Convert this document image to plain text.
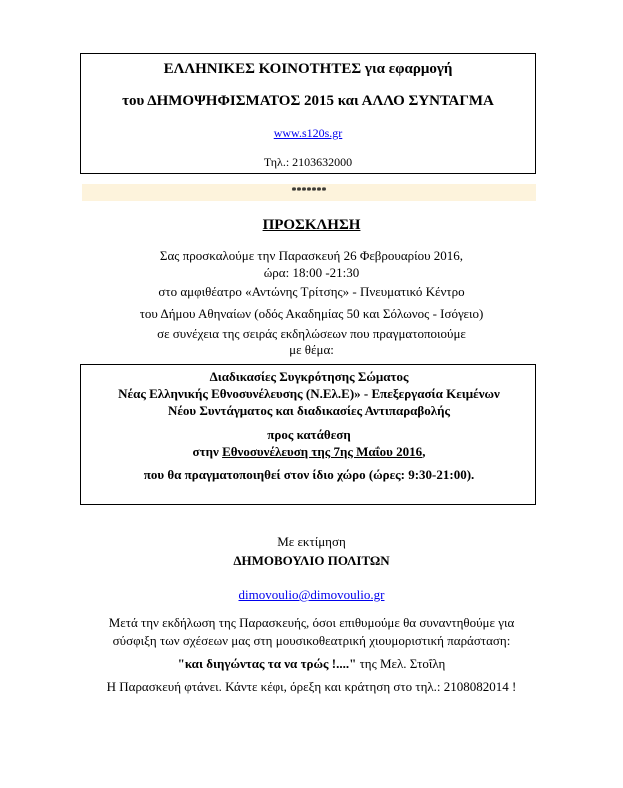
ΕΛΛΗΝΙΚΕΣ ΚΟΙΝΟΤΗΤΕΣ για εφαρμογή
του ΔΗΜΟΨΗΦΙΣΜΑΤΟΣ 2015 και ΑΛΛΟ ΣΥΝΤΑΓΜΑ
www.s120s.gr
Τηλ.: 2103632000
*******
ΠΡΟΣΚΛΗΣΗ
Σας προσκαλούμε την Παρασκευή 26 Φεβρουαρίου 2016,
ώρα: 18:00 -21:30
στο αμφιθέατρο «Αντώνης Τρίτσης» - Πνευματικό Κέντρο
του Δήμου Αθηναίων (οδός Ακαδημίας 50 και Σόλωνος - Ισόγειο)
σε συνέχεια της σειράς εκδηλώσεων που πραγματοποιούμε
με θέμα:
Διαδικασίες Συγκρότησης Σώματος
Νέας Ελληνικής Εθνοσυνέλευσης (Ν.Ελ.Ε)» - Επεξεργασία Κειμένων
Νέου Συντάγματος και διαδικασίες Αντιπαραβολής
προς κατάθεση
στην Εθνοσυνέλευση της 7ης Μαΐου 2016,
που θα πραγματοποιηθεί στον ίδιο χώρο (ώρες: 9:30-21:00).
Με εκτίμηση
ΔΗΜΟΒΟΥΛΙΟ ΠΟΛΙΤΩΝ
dimovoulio@dimovoulio.gr
Μετά την εκδήλωση της Παρασκευής, όσοι επιθυμούμε θα συναντηθούμε για
σύσφιξη των σχέσεων μας στη μουσικοθεατρική χιουμοριστική παράσταση:
"και διηγώντας τα να τρώς !...." της Μελ. Στοΐλη
Η Παρασκευή φτάνει. Κάντε κέφι, όρεξη και κράτηση στο τηλ.: 2108082014 !
